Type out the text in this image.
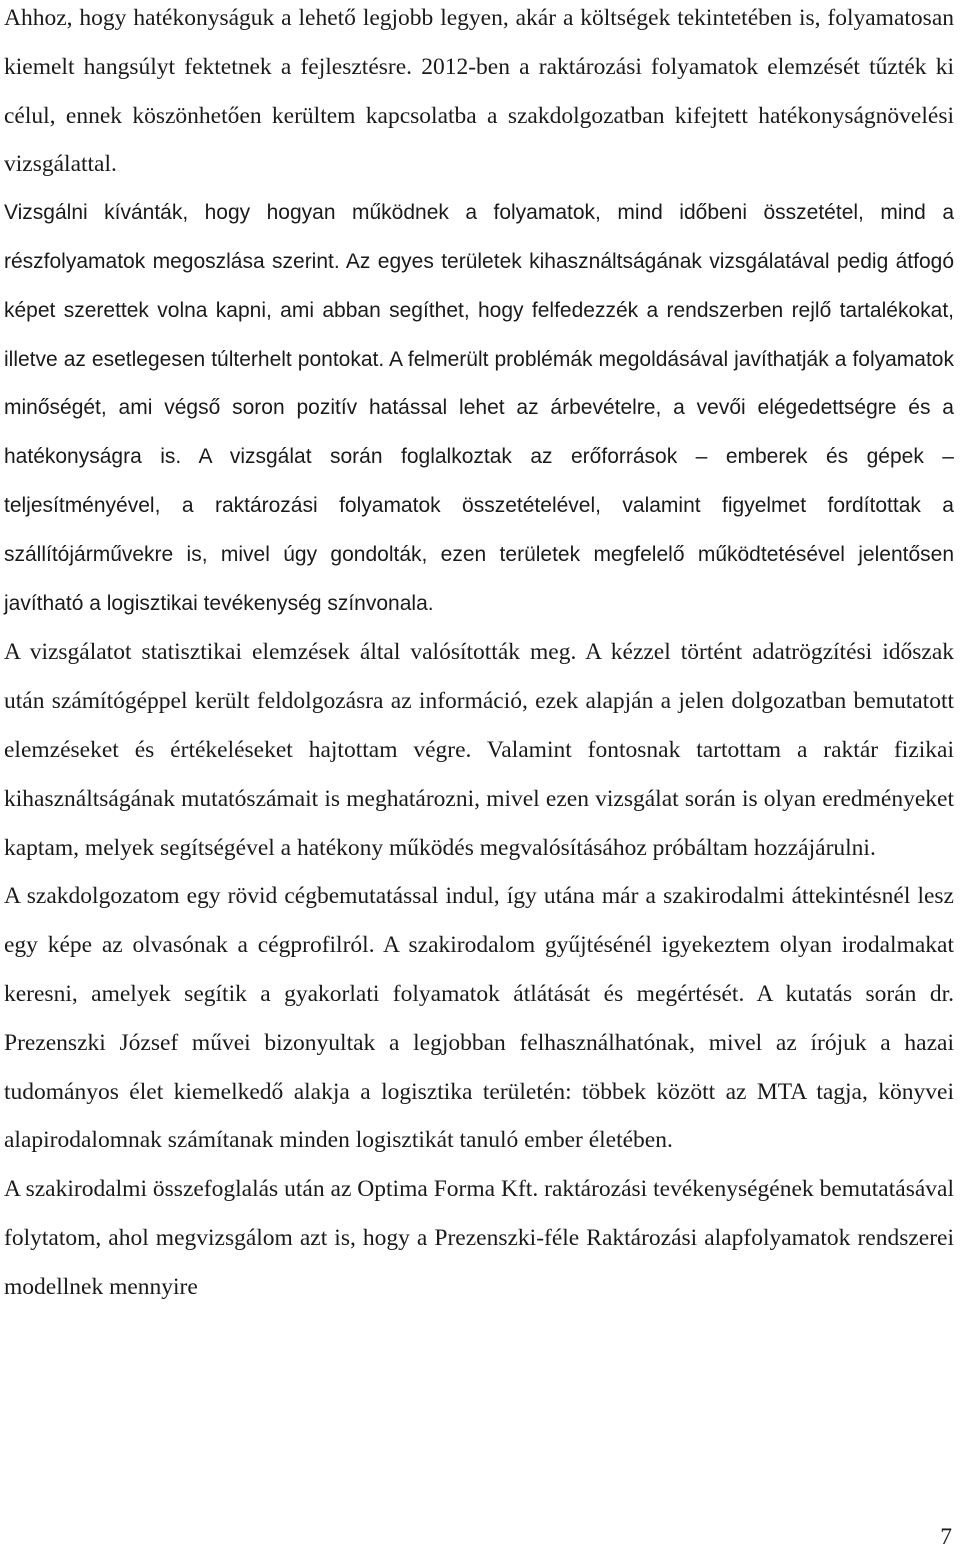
Ahhoz, hogy hatékonyságuk a lehető legjobb legyen, akár a költségek tekintetében is, folyamatosan kiemelt hangsúlyt fektetnek a fejlesztésre. 2012-ben a raktározási folyamatok elemzését tűzték ki célul, ennek köszönhetően kerültem kapcsolatba a szakdolgozatban kifejtett hatékonyságnövelési vizsgálattal.

Vizsgálni kívánták, hogy hogyan működnek a folyamatok, mind időbeni összetétel, mind a részfolyamatok megoszlása szerint. Az egyes területek kihasználtságának vizsgálatával pedig átfogó képet szerettek volna kapni, ami abban segíthet, hogy felfedezzék a rendszerben rejlő tartalékokat, illetve az esetlegesen túlterhelt pontokat. A felmerült problémák megoldásával javíthatják a folyamatok minőségét, ami végső soron pozitív hatással lehet az árbevételre, a vevői elégedettségre és a hatékonyságra is. A vizsgálat során foglalkoztak az erőforrások – emberek és gépek – teljesítményével, a raktározási folyamatok összetételével, valamint figyelmet fordítottak a szállítójárművekre is, mivel úgy gondolták, ezen területek megfelelő működtetésével jelentősen javítható a logisztikai tevékenység színvonala.

A vizsgálatot statisztikai elemzések által valósították meg. A kézzel történt adatrögzítési időszak után számítógéppel került feldolgozásra az információ, ezek alapján a jelen dolgozatban bemutatott elemzéseket és értékeléseket hajtottam végre. Valamint fontosnak tartottam a raktár fizikai kihasználtságának mutatószámait is meghatározni, mivel ezen vizsgálat során is olyan eredményeket kaptam, melyek segítségével a hatékony működés megvalósításához próbáltam hozzájárulni.

A szakdolgozatom egy rövid cégbemutatással indul, így utána már a szakirodalmi áttekintésnél lesz egy képe az olvasónak a cégprofilról. A szakirodalom gyűjtésénél igyekeztem olyan irodalmakat keresni, amelyek segítik a gyakorlati folyamatok átlátását és megértését. A kutatás során dr. Prezenszki József művei bizonyultak a legjobban felhasználhatónak, mivel az írójuk a hazai tudományos élet kiemelkedő alakja a logisztika területén: többek között az MTA tagja, könyvei alapirodalomnak számítanak minden logisztikát tanuló ember életében.

A szakirodalmi összefoglalás után az Optima Forma Kft. raktározási tevékenységének bemutatásával folytatom, ahol megvizsgálom azt is, hogy a Prezenszki-féle Raktározási alapfolyamatok rendszerei modellnek mennyire

7
